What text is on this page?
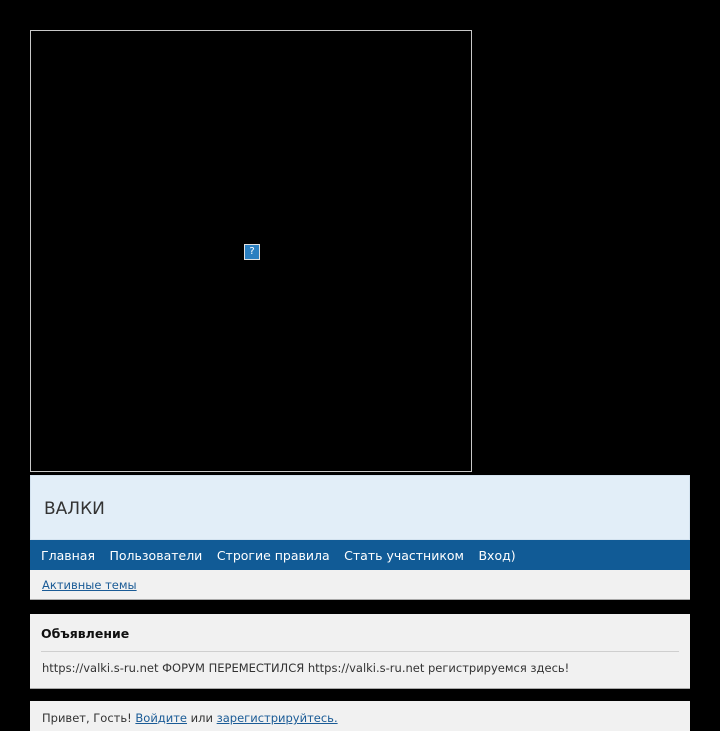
?
ВАЛКИ
Главная Пользователи Строгие правила Стать участником Вход)
Активные темы
Объявление
https://valki.s-ru.net ФОРУМ ПЕРЕМЕСТИЛСЯ https://valki.s-ru.net регистрируемся здесь!
Привет, Гость! Войдите или зарегистрируйтесь.
